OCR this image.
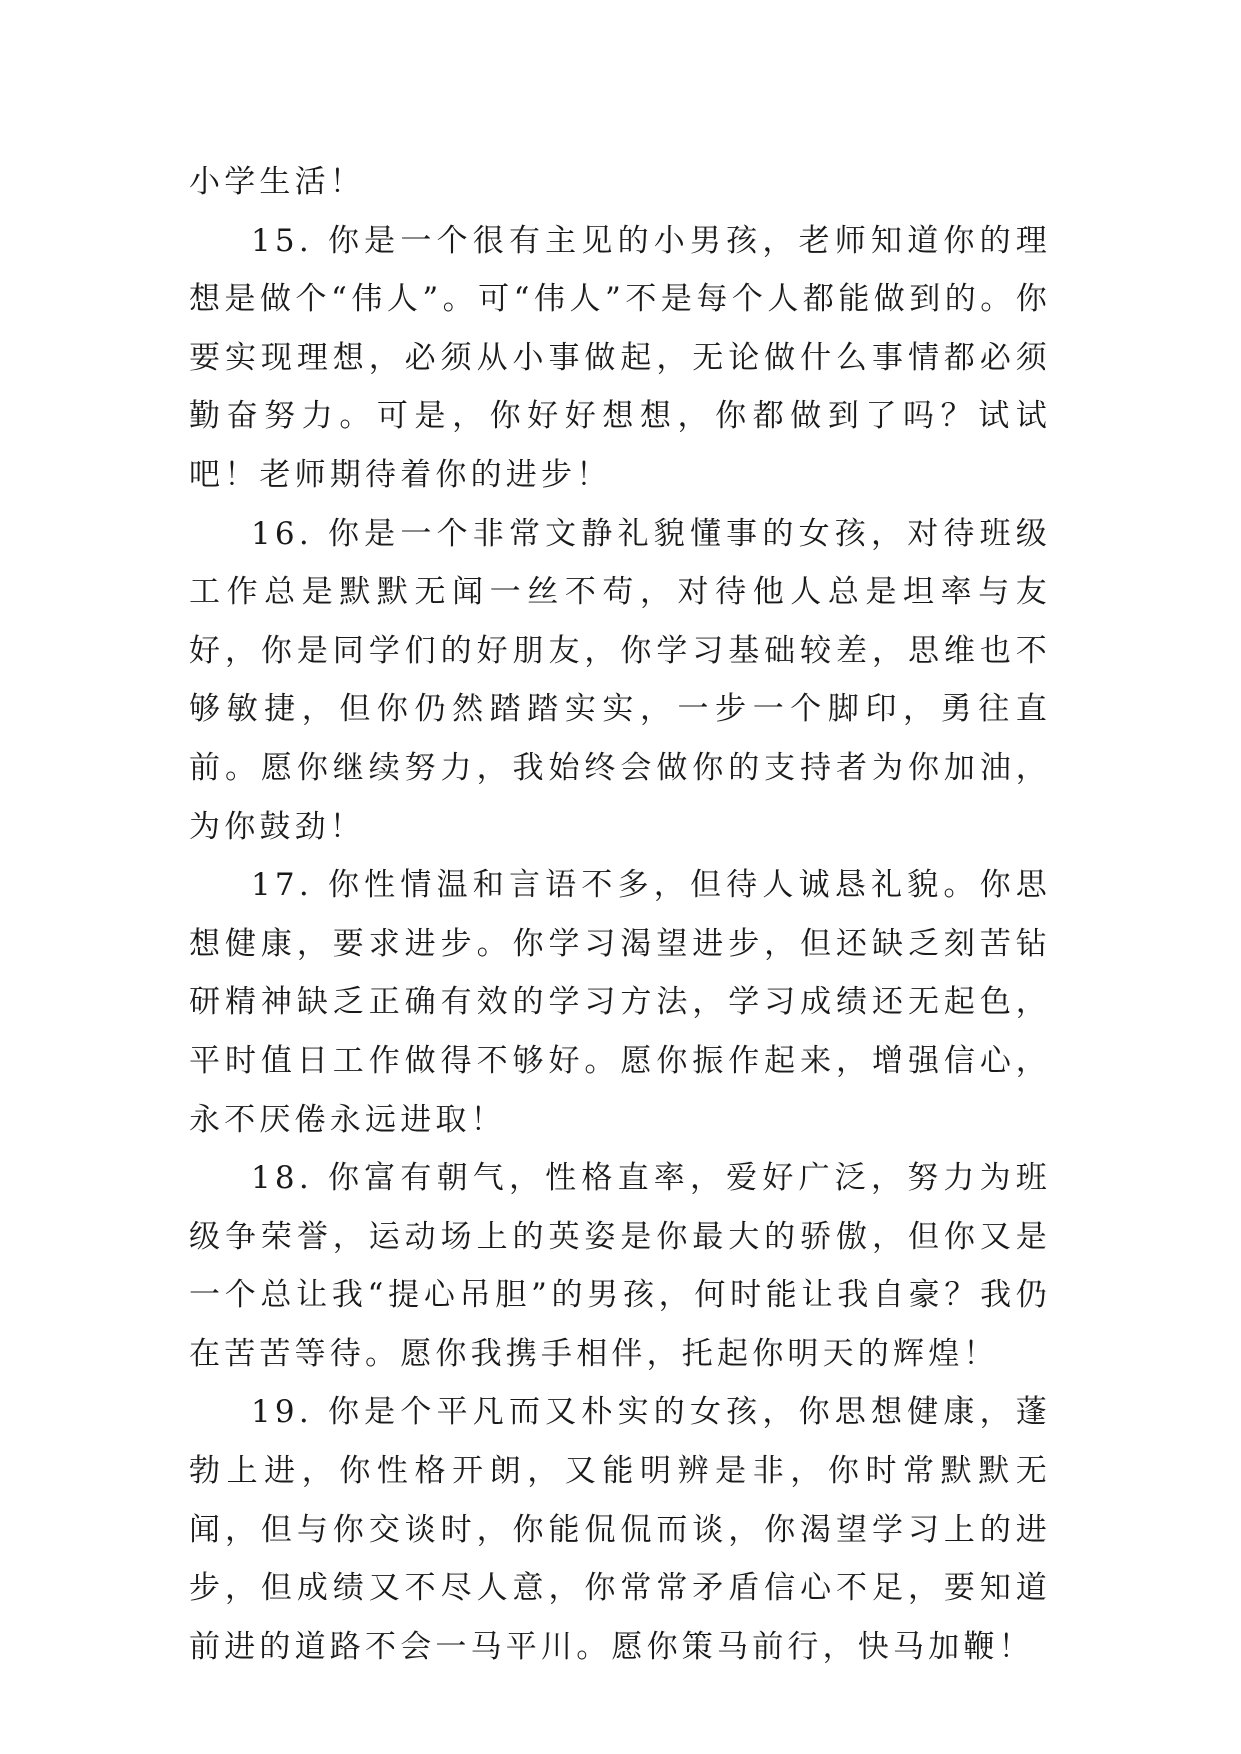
小学生活！

15. 你是一个很有主见的小男孩，老师知道你的理想是做个“伟人”。可“伟人”不是每个人都能做到的。你要实现理想，必须从小事做起，无论做什么事情都必须勤奋努力。可是，你好好想想，你都做到了吗？试试吧！老师期待着你的进步！

16. 你是一个非常文静礼貌懂事的女孩，对待班级工作总是默默无闻一丝不苟，对待他人总是坦率与友好，你是同学们的好朋友，你学习基础较差，思维也不够敏捷，但你仍然踏踏实实，一步一个脚印，勇往直前。愿你继续努力，我始终会做你的支持者为你加油，为你鼓劲！

17. 你性情温和言语不多，但待人诚恳礼貌。你思想健康，要求进步。你学习渴望进步，但还缺乏刻苦钻研精神缺乏正确有效的学习方法，学习成绩还无起色，平时值日工作做得不够好。愿你振作起来，增强信心，永不厌倦永远进取！

18. 你富有朝气，性格直率，爱好广泛，努力为班级争荣誉，运动场上的英姿是你最大的骄傲，但你又是一个总让我“提心吊胆”的男孩，何时能让我自豪？我仍在苦苦等待。愿你我携手相伴，托起你明天的辉煌！

19. 你是个平凡而又朴实的女孩，你思想健康，蓬勃上进，你性格开朗，又能明辨是非，你时常默默无闻，但与你交谈时，你能侃侃而谈，你渴望学习上的进步，但成绩又不尽人意，你常常矛盾信心不足，要知道前进的道路不会一马平川。愿你策马前行，快马加鞭！
